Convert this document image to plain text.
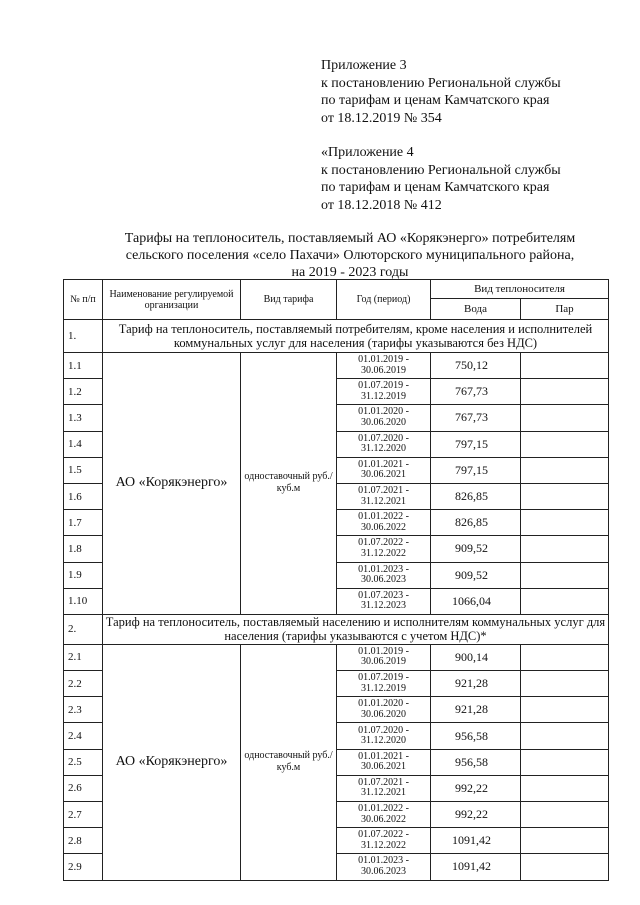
Приложение 3
к постановлению Региональной службы
по тарифам и ценам Камчатского края
от 18.12.2019 № 354
«Приложение 4
к постановлению Региональной службы
по тарифам и ценам Камчатского края
от 18.12.2018 № 412
Тарифы на теплоноситель, поставляемый АО «Корякэнерго» потребителям
сельского поселения «село Пахачи» Олюторского муниципального района,
на 2019 - 2023 годы
№ п/п	Наименование регулируемой организации	Вид тарифа	Год (период)	Вид теплоносителя	
				Вода	Пар
1.	Тариф на теплоноситель, поставляемый потребителям, кроме населения и исполнителей коммунальных услуг для населения (тарифы указываются без НДС)				
1.1	АО «Корякэнерго»	одноставочный руб./куб.м	01.01.2019 - 30.06.2019	750,12	
1.2			01.07.2019 - 31.12.2019	767,73	
1.3			01.01.2020 - 30.06.2020	767,73	
1.4			01.07.2020 - 31.12.2020	797,15	
1.5			01.01.2021 - 30.06.2021	797,15	
1.6			01.07.2021 - 31.12.2021	826,85	
1.7			01.01.2022 - 30.06.2022	826,85	
1.8			01.07.2022 - 31.12.2022	909,52	
1.9			01.01.2023 - 30.06.2023	909,52	
1.10			01.07.2023 - 31.12.2023	1066,04	
2.	Тариф на теплоноситель, поставляемый населению и исполнителям коммунальных услуг для населения (тарифы указываются с учетом НДС)*				
2.1	АО «Корякэнерго»	одноставочный руб./куб.м	01.01.2019 - 30.06.2019	900,14	
2.2			01.07.2019 - 31.12.2019	921,28	
2.3			01.01.2020 - 30.06.2020	921,28	
2.4			01.07.2020 - 31.12.2020	956,58	
2.5			01.01.2021 - 30.06.2021	956,58	
2.6			01.07.2021 - 31.12.2021	992,22	
2.7			01.01.2022 - 30.06.2022	992,22	
2.8			01.07.2022 - 31.12.2022	1091,42	
2.9			01.01.2023 - 30.06.2023	1091,42	
